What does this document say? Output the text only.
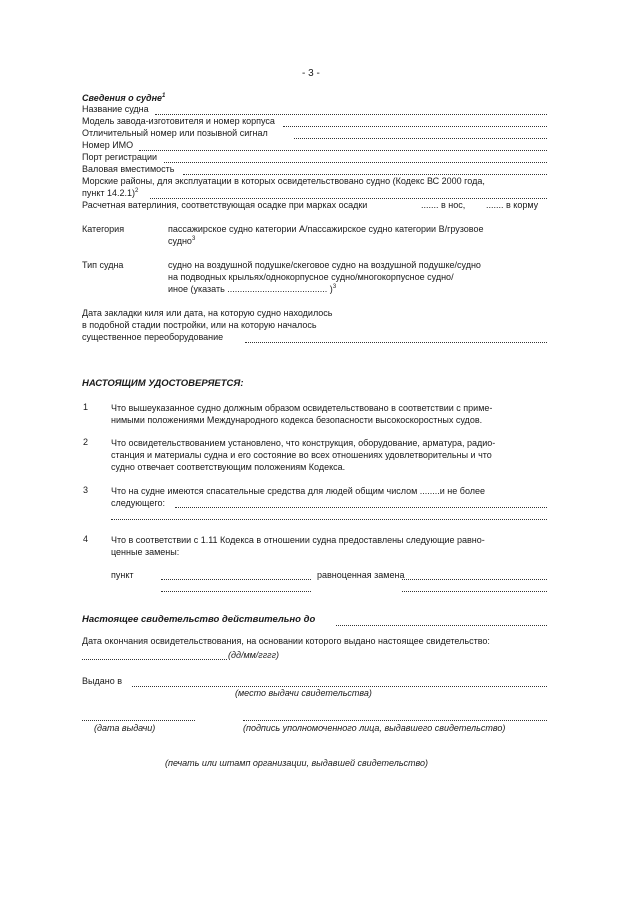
- 3 -
Сведения о судне$^1$
Название судна
Модель завода-изготовителя и номер корпуса
Отличительный номер или позывной сигнал
Номер ИМО
Порт регистрации
Валовая вместимость
Морские районы, для эксплуатации в которых освидетельствовано судно (Кодекс ВС 2000 года,
пункт 14.2.1)$^2$
Расчетная ватерлиния, соответствующая осадке при марках осадки	....... в нос, ....... в корму
Категория	пассажирское судно категории A/пассажирское судно категории B/грузовое
судно$^3$
Тип судна	судно на воздушной подушке/скеговое судно на воздушной подушке/судно
на подводных крыльях/однокорпусное судно/многокорпусное судно/
иное (указать ........................................ )$^3$
Дата закладки киля или дата, на которую судно находилось
в подобной стадии постройки, или на которую началось
существенное переоборудование
НАСТОЯЩИМ УДОСТОВЕРЯЕТСЯ:
1	Что вышеуказанное судно должным образом освидетельствовано в соответствии с приме-
нимыми положениями Международного кодекса безопасности высокоскоростных судов.
2	Что освидетельствованием установлено, что конструкция, оборудование, арматура, радио-
станция и материалы судна и его состояние во всех отношениях удовлетворительны и что
судно отвечает соответствующим положениям Кодекса.
3	Что на судне имеются спасательные средства для людей общим числом ........и не более
следующего:
4	Что в соответствии с 1.11 Кодекса в отношении судна предоставлены следующие равно-
ценные замены:
пункт	равноценная замена
Настоящее свидетельство действительно до
Дата окончания освидетельствования, на основании которого выдано настоящее свидетельство:
(дд/мм/гггг)
Выдано в
(место выдачи свидетельства)
(дата выдачи)	(подпись уполномоченного лица, выдавшего свидетельство)
(печать или штамп организации, выдавшей свидетельство)
